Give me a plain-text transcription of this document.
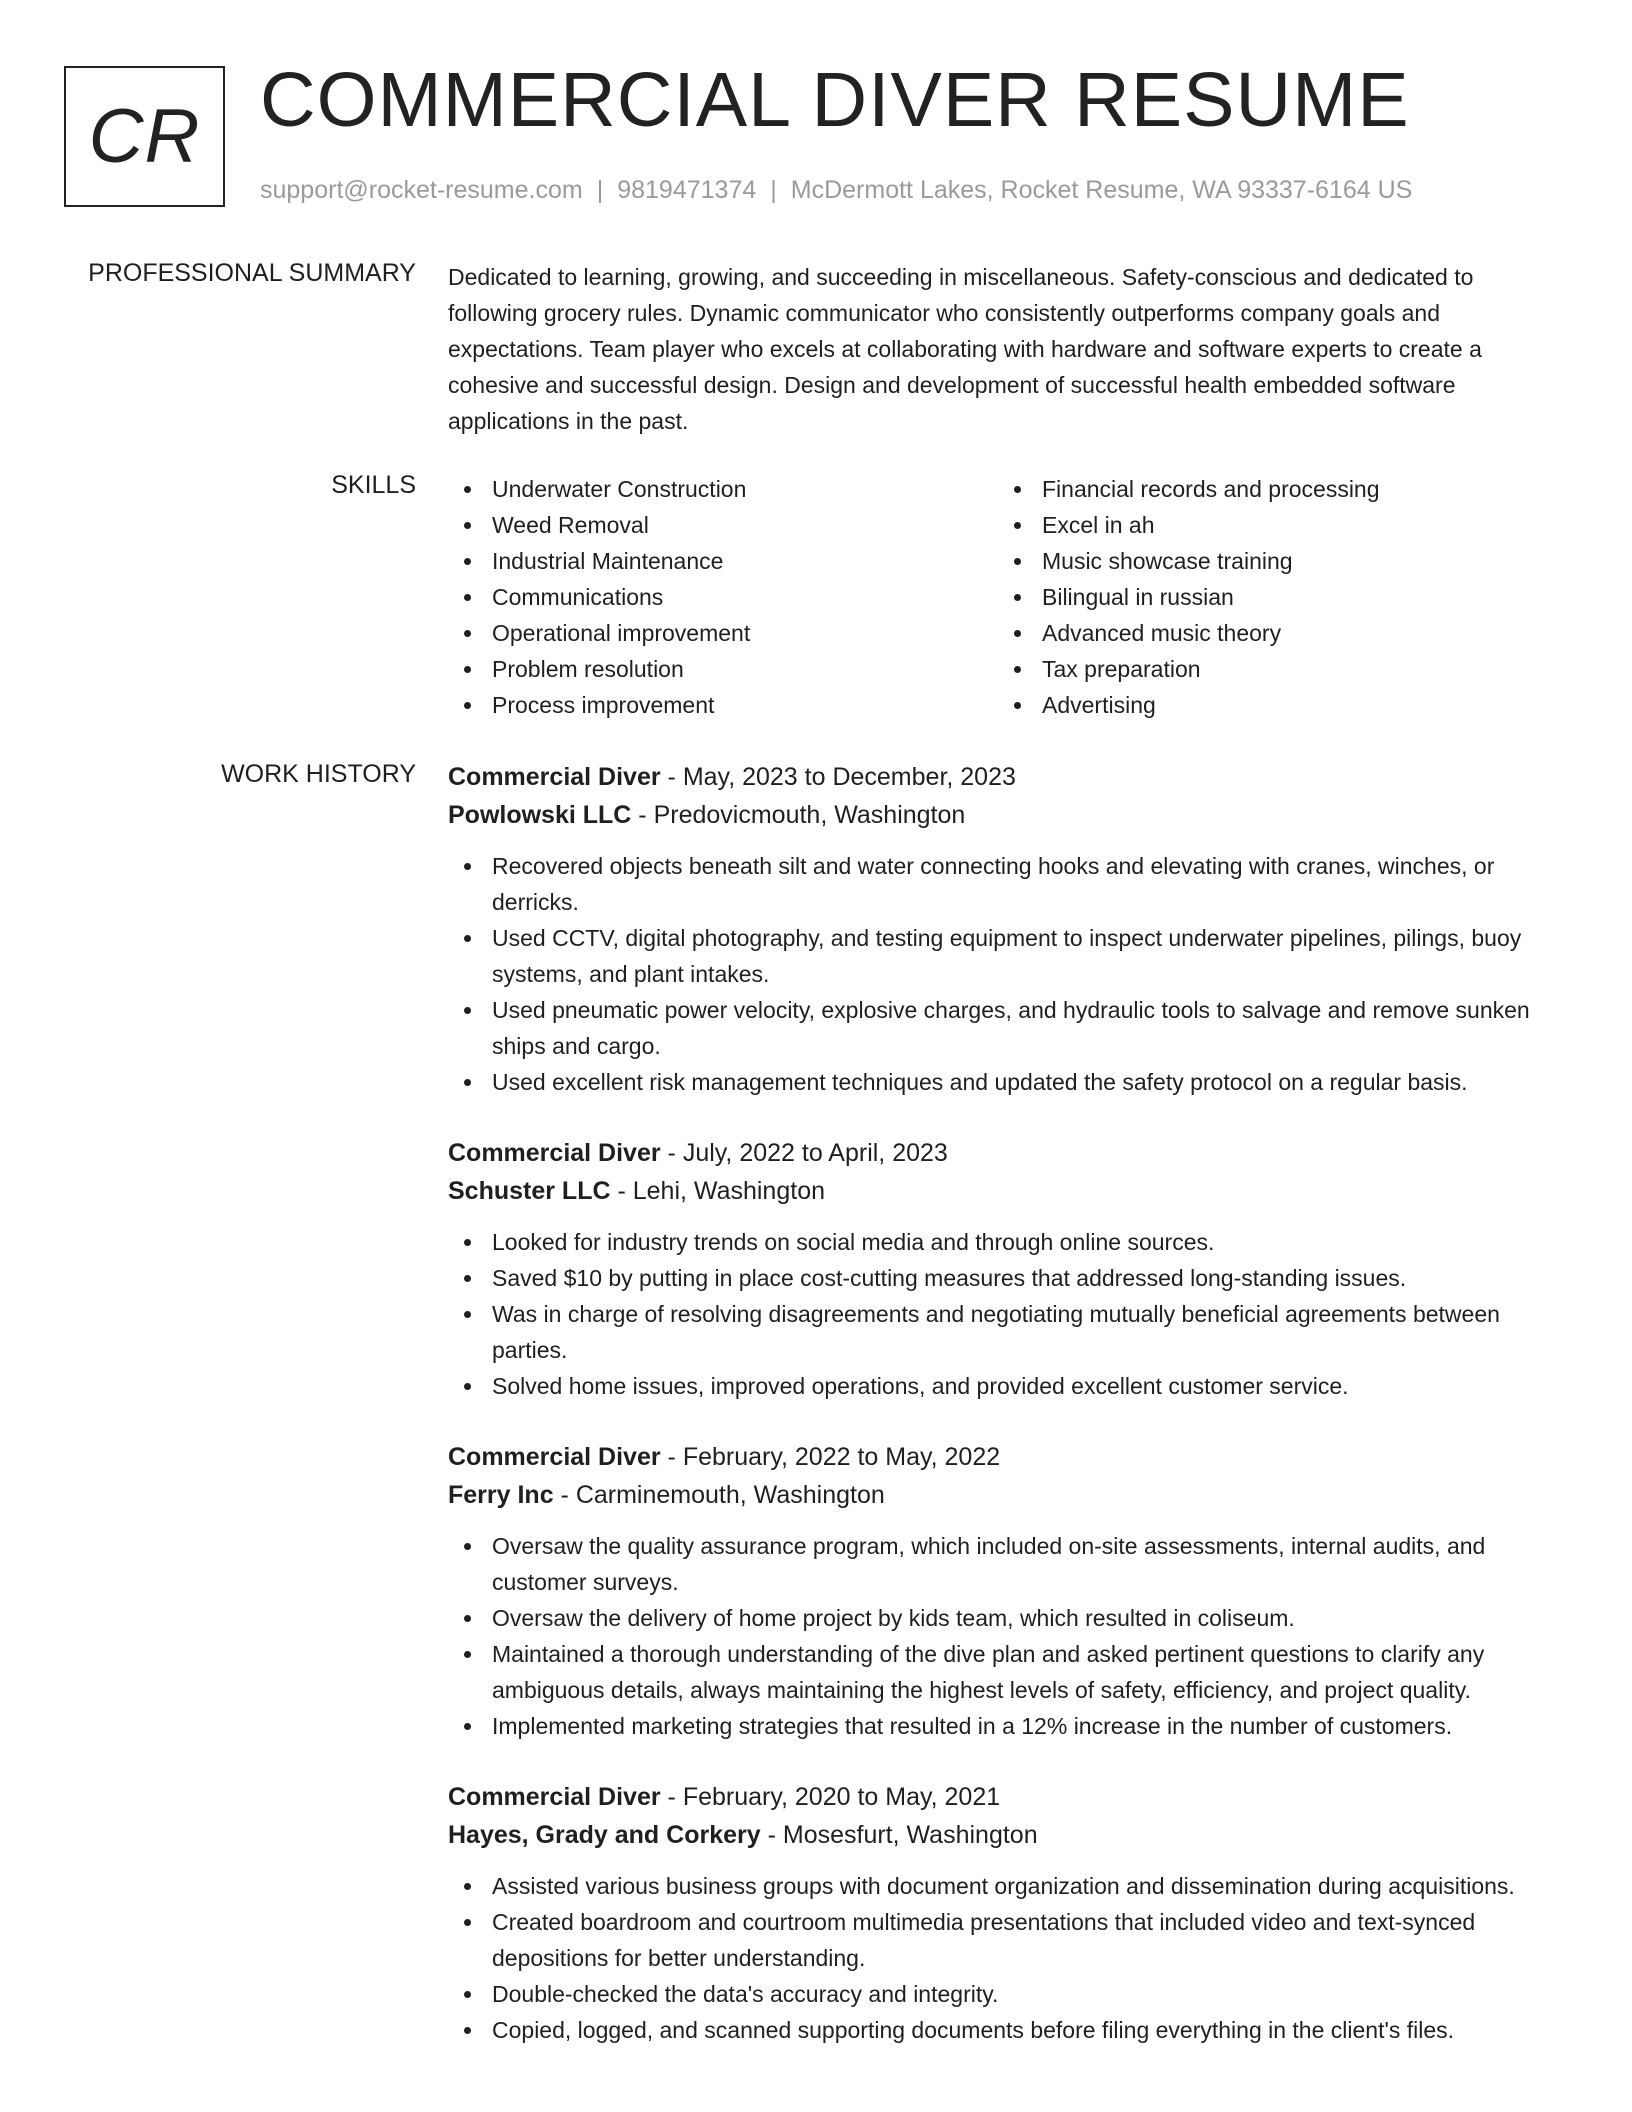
CR COMMERCIAL DIVER RESUME
support@rocket-resume.com | 9819471374 | McDermott Lakes, Rocket Resume, WA 93337-6164 US
PROFESSIONAL SUMMARY Dedicated to learning, growing, and succeeding in miscellaneous. Safety-conscious and dedicated to following grocery rules. Dynamic communicator who consistently outperforms company goals and expectations. Team player who excels at collaborating with hardware and software experts to create a cohesive and successful design. Design and development of successful health embedded software applications in the past.

SKILLS	Underwater Construction
Weed Removal
Industrial Maintenance
Communications
Operational improvement
Problem resolution
Process improvement
Financial records and processing
Excel in ah
Music showcase training
Bilingual in russian
Advanced music theory
Tax preparation
Advertising
WORK HISTORY Commercial Diver - May, 2023 to December, 2023
Powlowski LLC - Predovicmouth, Washington
Recovered objects beneath silt and water connecting hooks and elevating with cranes, winches, or derricks.
Used CCTV, digital photography, and testing equipment to inspect underwater pipelines, pilings, buoy systems, and plant intakes.
Used pneumatic power velocity, explosive charges, and hydraulic tools to salvage and remove sunken ships and cargo.
Used excellent risk management techniques and updated the safety protocol on a regular basis.
Commercial Diver - July, 2022 to April, 2023
Schuster LLC - Lehi, Washington
Looked for industry trends on social media and through online sources.
Saved $10 by putting in place cost-cutting measures that addressed long-standing issues.
Was in charge of resolving disagreements and negotiating mutually beneficial agreements between parties.
Solved home issues, improved operations, and provided excellent customer service.
Commercial Diver - February, 2022 to May, 2022
Ferry Inc - Carminemouth, Washington
Oversaw the quality assurance program, which included on-site assessments, internal audits, and customer surveys.
Oversaw the delivery of home project by kids team, which resulted in coliseum.
Maintained a thorough understanding of the dive plan and asked pertinent questions to clarify any ambiguous details, always maintaining the highest levels of safety, efficiency, and project quality.
Implemented marketing strategies that resulted in a 12% increase in the number of customers.
Commercial Diver - February, 2020 to May, 2021
Hayes, Grady and Corkery - Mosesfurt, Washington
Assisted various business groups with document organization and dissemination during acquisitions.
Created boardroom and courtroom multimedia presentations that included video and text-synced depositions for better understanding.
Double-checked the data's accuracy and integrity.
Copied, logged, and scanned supporting documents before filing everything in the client's files.
